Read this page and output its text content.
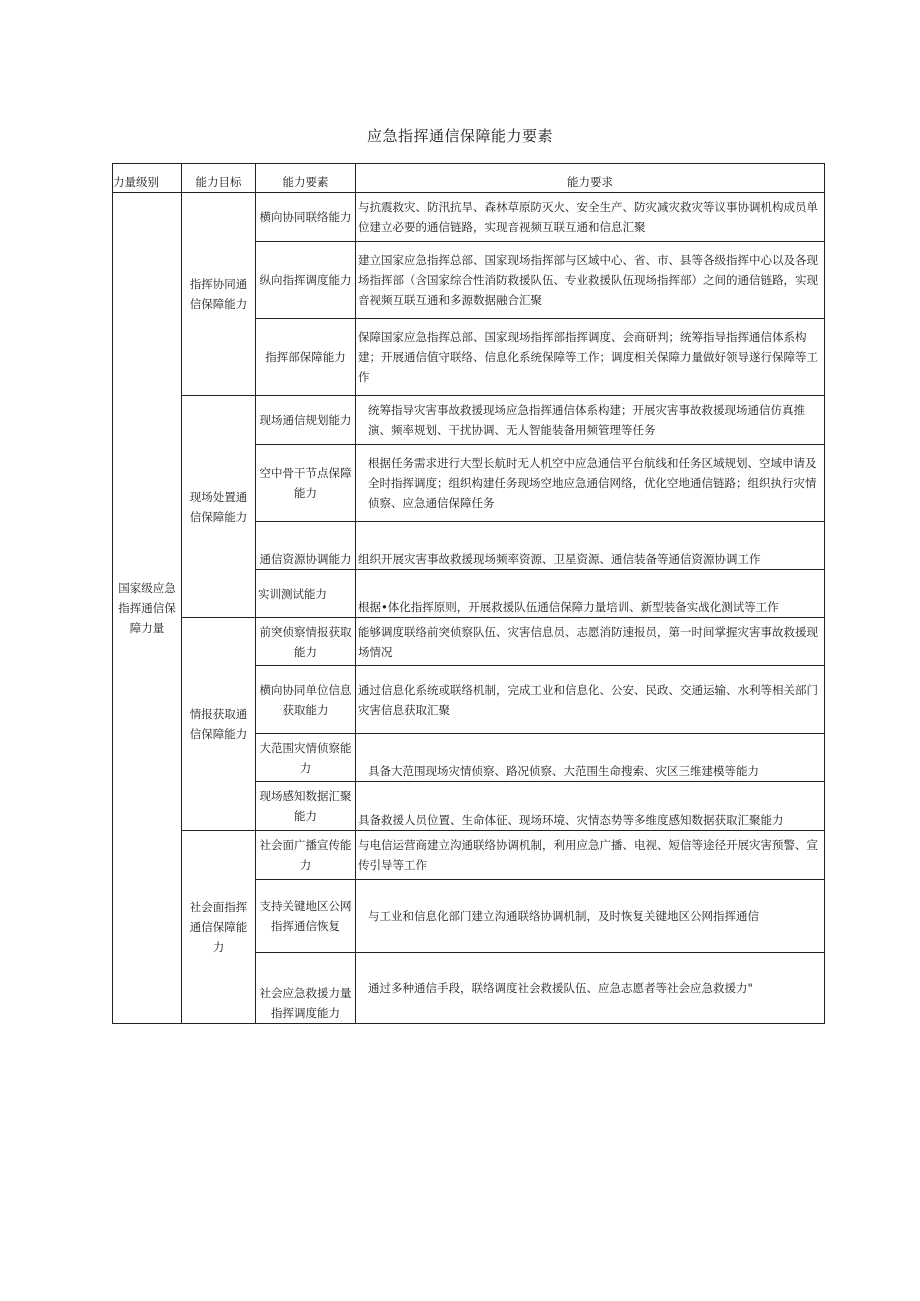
应急指挥通信保障能力要素
力量级别	能力目标	能力要素	能力要求
国家级应急指挥通信保障力量	指挥协同通信保障能力	横向协同联络能力	与抗震救灾、防汛抗旱、森林草原防灭火、安全生产、防灾减灾救灾等议事协调机构成员单位建立必要的通信链路，实现音视频互联互通和信息汇聚
		纵向指挥调度能力	建立国家应急指挥总部、国家现场指挥部与区域中心、省、市、县等各级指挥中心以及各现场指挥部（含国家综合性消防救援队伍、专业救援队伍现场指挥部）之间的通信链路，实现音视频互联互通和多源数据融合汇聚
		指挥部保障能力	保障国家应急指挥总部、国家现场指挥部指挥调度、会商研判；统筹指导指挥通信体系构建；开展通信值守联络、信息化系统保障等工作；调度相关保障力量做好领导遂行保障等工作
	现场处置通信保障能力	现场通信规划能力	统筹指导灾害事故救援现场应急指挥通信体系构建；开展灾害事故救援现场通信仿真推演、频率规划、干扰协调、无人智能装备用频管理等任务
		空中骨干节点保障能力	根据任务需求进行大型长航时无人机空中应急通信平台航线和任务区域规划、空域申请及全时指挥调度；组织构建任务现场空地应急通信网络，优化空地通信链路；组织执行灾情侦察、应急通信保障任务
		通信资源协调能力	组织开展灾害事故救援现场频率资源、卫星资源、通信装备等通信资源协调工作
		实训测试能力	根据•体化指挥原则，开展救援队伍通信保障力量培训、新型装备实战化测试等工作
	情报获取通信保障能力	前突侦察情报获取能力	能够调度联络前突侦察队伍、灾害信息员、志愿消防速报员，第一时间掌握灾害事故救援现场情况
		横向协同单位信息获取能力	通过信息化系统或联络机制，完成工业和信息化、公安、民政、交通运输、水利等相关部门灾害信息获取汇聚
		大范围灾情侦察能力	具备大范围现场灾情侦察、路况侦察、大范围生命搜索、灾区三维建模等能力
		现场感知数据汇聚能力	具备救援人员位置、生命体征、现场环境、灾情态势等多维度感知数据获取汇聚能力
	社会面指挥通信保障能力	社会面广播宣传能力	与电信运营商建立沟通联络协调机制，利用应急广播、电视、短信等途径开展灾害预警、宣传引导等工作
		支持关键地区公网指挥通信恢复	与工业和信息化部门建立沟通联络协调机制，及时恢复关键地区公网指挥通信
		社会应急救援力量指挥调度能力	通过多种通信手段，联络调度社会救援队伍、应急志愿者等社会应急救援力"
